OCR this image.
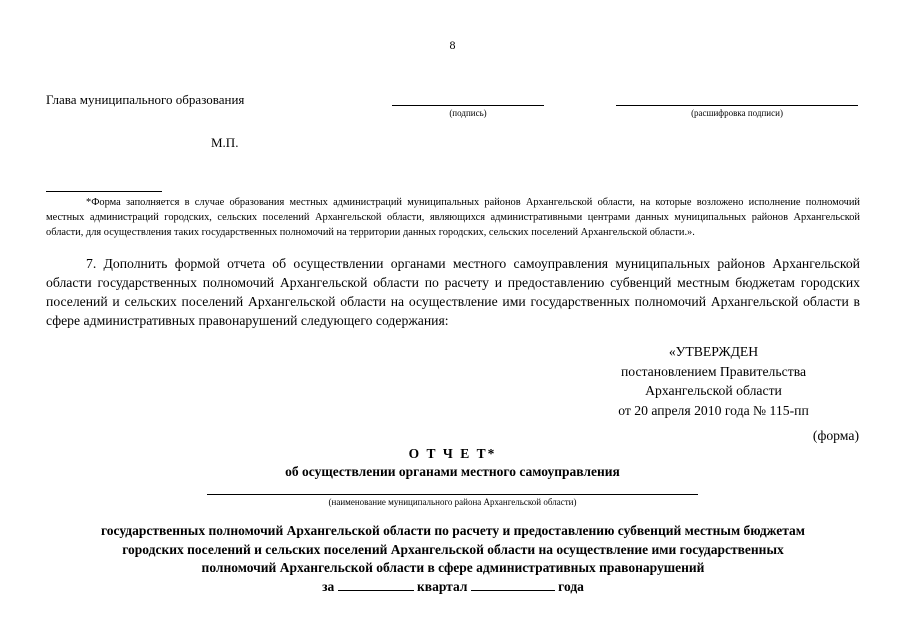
8
Глава муниципального образования
(подпись)	(расшифровка подписи)
М.П.
*Форма заполняется в случае образования местных администраций муниципальных районов Архангельской области, на которые возложено исполнение полномочий местных администраций городских, сельских поселений Архангельской области, являющихся административными центрами данных муниципальных районов Архангельской области, для осуществления таких государственных полномочий на территории данных городских, сельских поселений Архангельской области.».
7. Дополнить формой отчета об осуществлении органами местного самоуправления муниципальных районов Архангельской области государственных полномочий Архангельской области по расчету и предоставлению субвенций местным бюджетам городских поселений и сельских поселений Архангельской области на осуществление ими государственных полномочий Архангельской области в сфере административных правонарушений следующего содержания:
«УТВЕРЖДЕН
постановлением Правительства
Архангельской области
от 20 апреля 2010 года № 115-пп
(форма)
О Т Ч Е Т*
об осуществлении органами местного самоуправления
(наименование муниципального района Архангельской области)
государственных полномочий Архангельской области по расчету и предоставлению субвенций местным бюджетам
городских поселений и сельских поселений Архангельской области на осуществление ими государственных
полномочий Архангельской области в сфере административных правонарушений
за	квартал	года
